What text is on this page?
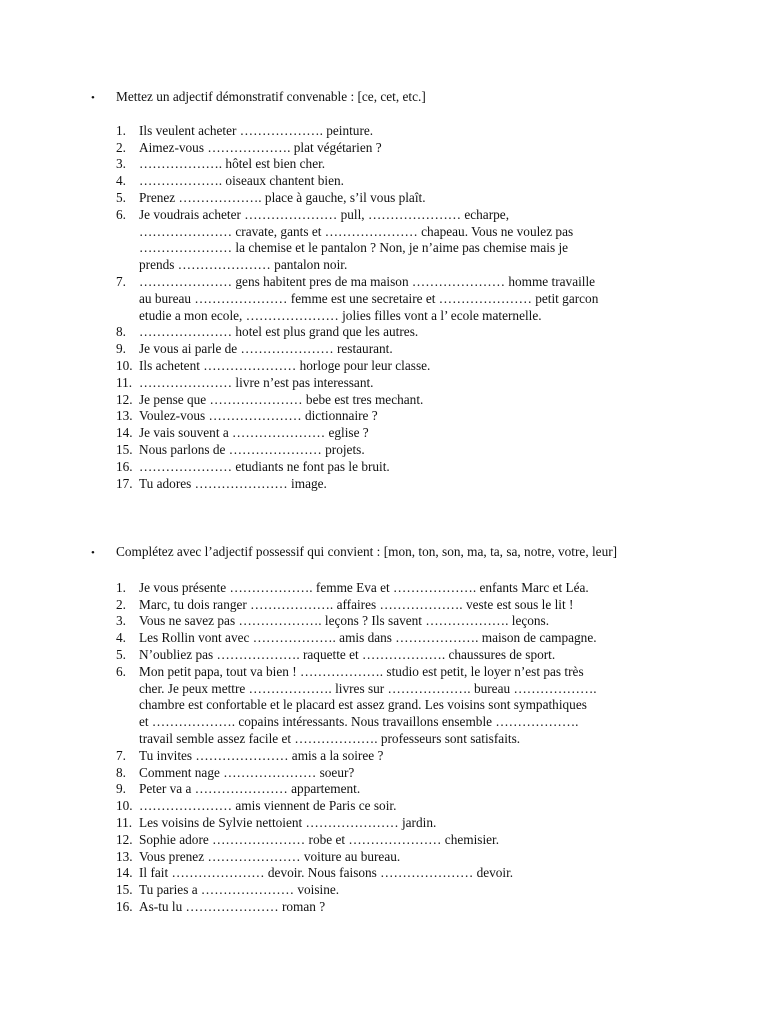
• Mettez un adjectif démonstratif convenable : [ce, cet, etc.]
1. Ils veulent acheter ………………. peinture.
2. Aimez-vous ………………. plat végétarien ?
3. ………………. hôtel est bien cher.
4. ………………. oiseaux chantent bien.
5. Prenez ………………. place à gauche, s’il vous plaît.
6. Je voudrais acheter ………………… pull, ………………… echarpe,
………………… cravate, gants et ………………… chapeau. Vous ne voulez pas
………………… la chemise et le pantalon ? Non, je n’aime pas chemise mais je
prends ………………… pantalon noir.
7. ………………… gens habitent pres de ma maison ………………… homme travaille
au bureau ………………… femme est une secretaire et ………………… petit garcon
etudie a mon ecole, ………………… jolies filles vont a l’ ecole maternelle.
8. ………………… hotel est plus grand que les autres.
9. Je vous ai parle de ………………… restaurant.
10. Ils achetent ………………… horloge pour leur classe.
11. ………………… livre n’est pas interessant.
12. Je pense que ………………… bebe est tres mechant.
13. Voulez-vous ………………… dictionnaire ?
14. Je vais souvent a ………………… eglise ?
15. Nous parlons de ………………… projets.
16. ………………… etudiants ne font pas le bruit.
17. Tu adores ………………… image.
• Complétez avec l’adjectif possessif qui convient : [mon, ton, son, ma, ta, sa, notre, votre, leur]
1. Je vous présente ………………. femme Eva et ………………. enfants Marc et Léa.
2. Marc, tu dois ranger ………………. affaires ………………. veste est sous le lit !
3. Vous ne savez pas ………………. leçons ? Ils savent ………………. leçons.
4. Les Rollin vont avec ………………. amis dans ………………. maison de campagne.
5. N’oubliez pas ………………. raquette et ………………. chaussures de sport.
6. Mon petit papa, tout va bien ! ………………. studio est petit, le loyer n’est pas très
cher. Je peux mettre ………………. livres sur ………………. bureau ……………….
chambre est confortable et le placard est assez grand. Les voisins sont sympathiques
et ………………. copains intéressants. Nous travaillons ensemble ……………….
travail semble assez facile et ………………. professeurs sont satisfaits.
7. Tu invites ………………… amis a la soiree ?
8. Comment nage ………………… soeur?
9. Peter va a ………………… appartement.
10. ………………… amis viennent de Paris ce soir.
11. Les voisins de Sylvie nettoient ………………… jardin.
12. Sophie adore ………………… robe et ………………… chemisier.
13. Vous prenez ………………… voiture au bureau.
14. Il fait ………………… devoir. Nous faisons ………………… devoir.
15. Tu paries a ………………… voisine.
16. As-tu lu ………………… roman ?
